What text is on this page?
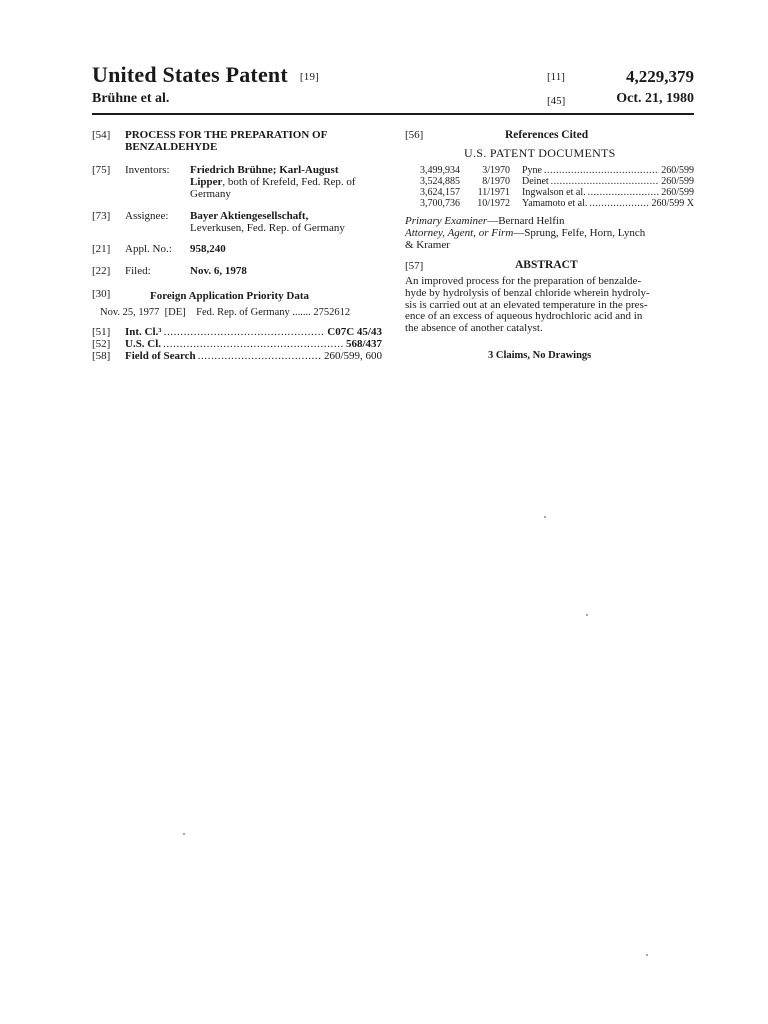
United States Patent [19]
Brühne et al.
[11]	4,229,379
[45]	Oct. 21, 1980
[54]	PROCESS FOR THE PREPARATION OF
BENZALDEHYDE
[75]	Inventors: Friedrich Brühne; Karl-August
Lipper, both of Krefeld, Fed. Rep. of
Germany
[73]	Assignee: Bayer Aktiengesellschaft,
Leverkusen, Fed. Rep. of Germany
[21]	Appl. No.: 958,240
[22]	Filed:	Nov. 6, 1978
[30]	Foreign Application Priority Data
Nov. 25, 1977  [DE]    Fed. Rep. of Germany ....... 2752612
[51]	Int. Cl.³ .....	C07C 45/43
[52]	U.S. Cl. .....	568/437
[58]	Field of Search .....	260/599, 600
[56]	References Cited
U.S. PATENT DOCUMENTS
3,499,934	3/1970 Pyne .....	260/599
3,524,885	8/1970 Deinet .....	260/599
3,624,157	11/1971 Ingwalson et al. .....	260/599
3,700,736	10/1972 Yamamoto et al. .....	260/599 X
Primary Examiner—Bernard Helfin
Attorney, Agent, or Firm—Sprung, Felfe, Horn, Lynch
& Kramer
[57]	ABSTRACT
An improved process for the preparation of benzalde-
hyde by hydrolysis of benzal chloride wherein hydroly-
sis is carried out at an elevated temperature in the pres-
ence of an excess of aqueous hydrochloric acid and in
the absence of another catalyst.
3 Claims, No Drawings
